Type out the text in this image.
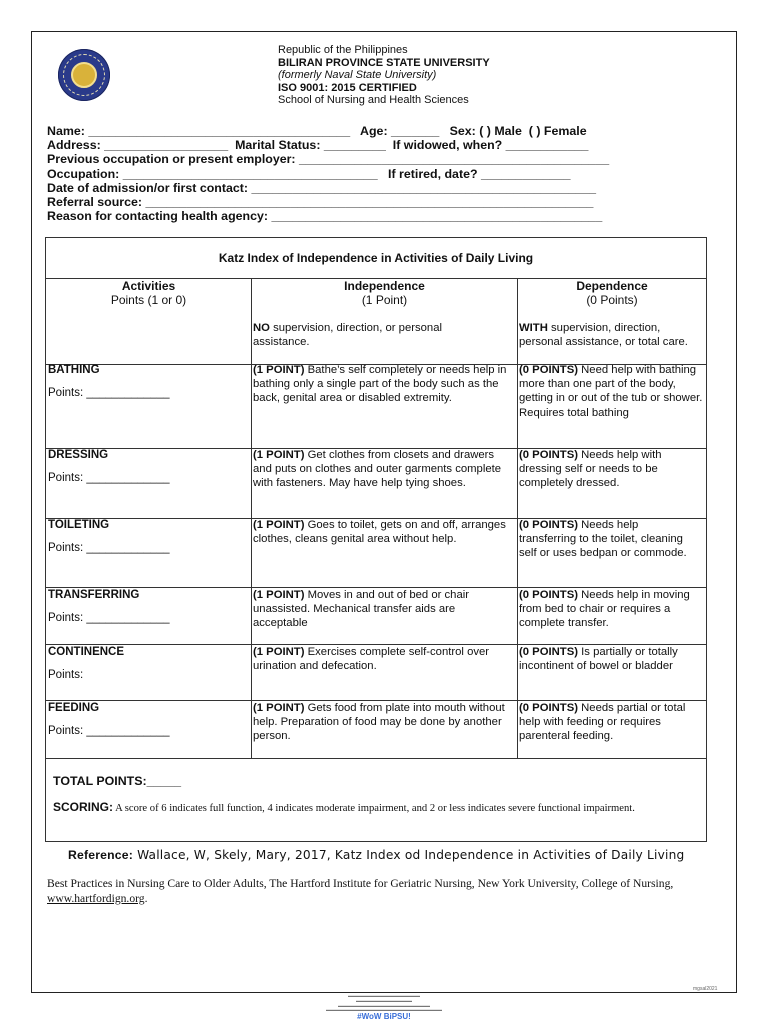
Republic of the Philippines
BILIRAN PROVINCE STATE UNIVERSITY
(formerly Naval State University)
ISO 9001: 2015 CERTIFIED
School of Nursing and Health Sciences
Name: ______________________________________   Age: _______   Sex: ( ) Male  ( ) Female
Address: __________________  Marital Status: _________  If widowed, when? ____________
Previous occupation or present employer: _____________________________________________
Occupation: _____________________________________   If retired, date? _____________
Date of admission/or first contact: __________________________________________________
Referral source: _________________________________________________________________
Reason for contacting health agency: ________________________________________________
Katz Index of Independence in Activities of Daily Living
Activities
Points (1 or 0)
Independence
(1 Point)
Dependence
(0 Points)
NO supervision, direction, or personal assistance.
WITH supervision, direction, personal assistance, or total care.
BATHING
Points: _____________
(1 POINT) Bathe’s self completely or needs help in bathing only a single part of the body such as the back, genital area or disabled extremity.
(0 POINTS) Need help with bathing more than one part of the body, getting in or out of the tub or shower. Requires total bathing
DRESSING
Points: _____________
(1 POINT) Get clothes from closets and drawers and puts on clothes and outer garments complete with fasteners. May have help tying shoes.
(0 POINTS) Needs help with dressing self or needs to be completely dressed.
TOILETING
Points: _____________
(1 POINT) Goes to toilet, gets on and off, arranges clothes, cleans genital area without help.
(0 POINTS) Needs help transferring to the toilet, cleaning self or uses bedpan or commode.
TRANSFERRING
Points: _____________
(1 POINT) Moves in and out of bed or chair unassisted. Mechanical transfer aids are acceptable
(0 POINTS) Needs help in moving from bed to chair or requires a complete transfer.
CONTINENCE
Points:
(1 POINT) Exercises complete self-control over urination and defecation.
(0 POINTS) Is partially or totally incontinent of bowel or bladder
FEEDING
Points: _____________
(1 POINT) Gets food from plate into mouth without help. Preparation of food may be done by another person.
(0 POINTS) Needs partial or total help with feeding or requires parenteral feeding.
TOTAL POINTS:_____
SCORING: A score of 6 indicates full function, 4 indicates moderate impairment, and 2 or less indicates severe functional impairment.
Reference: Wallace, W, Skely, Mary, 2017, Katz Index od Independence in Activities of Daily Living
Best Practices in Nursing Care to Older Adults, The Hartford Institute for Geriatric Nursing, New York University, College of Nursing, www.hartfordign.org.
mgsal2021
▬▬▬▬▬▬▬▬▬▬▬▬▬▬▬▬▬▬
▬▬▬▬▬▬▬▬▬▬▬▬▬▬
▬▬▬▬▬▬▬▬▬▬▬▬▬▬▬▬▬▬▬▬▬▬▬
▬▬▬▬▬▬▬▬▬▬▬▬▬▬▬▬▬▬▬▬▬▬▬▬▬▬▬▬▬
#WoW BiPSU!
